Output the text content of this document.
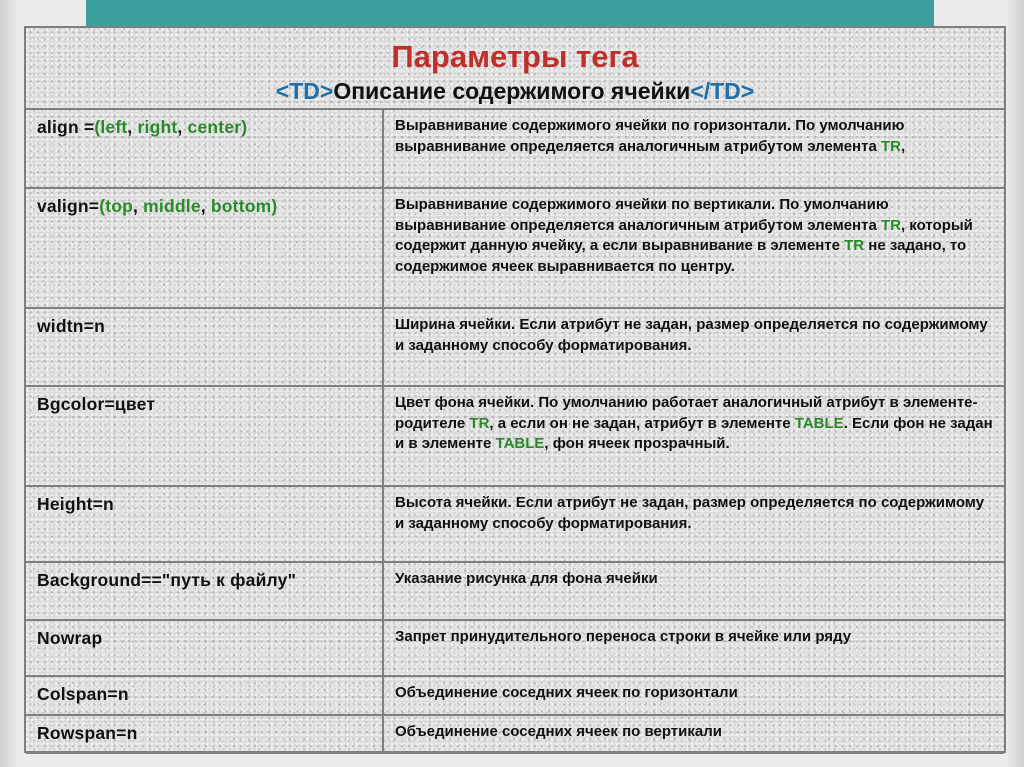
Параметры тега
<TD>Описание содержимого ячейки</TD>
align =(left, right, center)	Выравнивание содержимого ячейки по горизонтали. По умолчанию выравнивание определяется аналогичным атрибутом элемента TR,

valign=(top, middle, bottom)	Выравнивание содержимого ячейки по вертикали. По умолчанию выравнивание определяется аналогичным атрибутом элемента TR, который содержит данную ячейку, а если выравнивание в элементе TR не задано, то содержимое ячеек выравнивается по центру.

widtn=n	Ширина ячейки. Если атрибут не задан, размер определяется по содержимому и заданному способу форматирования.

Bgcolor=цвет	Цвет фона ячейки. По умолчанию работает аналогичный атрибут в элементе-родителе TR, а если он не задан, атрибут в элементе TABLE. Если фон не задан и в элементе TABLE, фон ячеек прозрачный.

Height=n	Высота ячейки. Если атрибут не задан, размер определяется по содержимому и заданному способу форматирования.

Background=="путь к файлу"	Указание рисунка для фона ячейки

Nowrap	Запрет принудительного переноса строки в ячейке или ряду

Colspan=n	Объединение соседних ячеек по горизонтали

Rowspan=n	Объединение соседних ячеек по вертикали
